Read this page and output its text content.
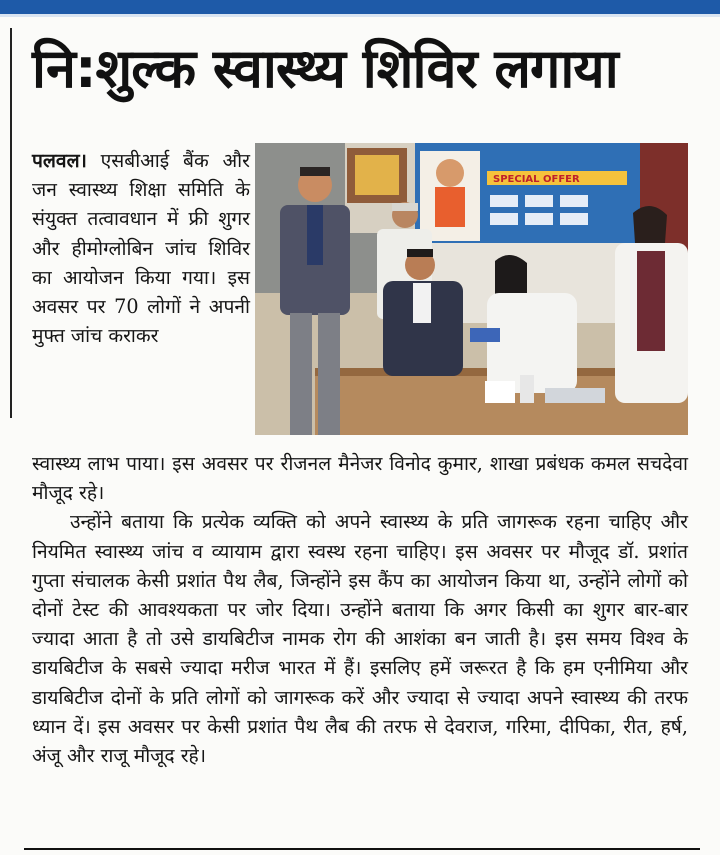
नि:शुल्क स्वास्थ्य शिविर लगाया
पलवल। एसबीआई बैंक और जन स्वास्थ्य शिक्षा समिति के संयुक्त तत्वावधान में फ्री शुगर और हीमोग्लोबिन जांच शिविर का आयोजन किया गया। इस अवसर पर 70 लोगों ने अपनी मुफ्त जांच कराकर
SPECIAL OFFER

स्वास्थ्य लाभ पाया। इस अवसर पर रीजनल मैनेजर विनोद कुमार, शाखा प्रबंधक कमल सचदेवा मौजूद रहे।

उन्होंने बताया कि प्रत्येक व्यक्ति को अपने स्वास्थ्य के प्रति जागरूक रहना चाहिए और नियमित स्वास्थ्य जांच व व्यायाम द्वारा स्वस्थ रहना चाहिए। इस अवसर पर मौजूद डॉ. प्रशांत गुप्ता संचालक केसी प्रशांत पैथ लैब, जिन्होंने इस कैंप का आयोजन किया था, उन्होंने लोगों को दोनों टेस्ट की आवश्यकता पर जोर दिया। उन्होंने बताया कि अगर किसी का शुगर बार-बार ज्यादा आता है तो उसे डायबिटीज नामक रोग की आशंका बन जाती है। इस समय विश्व के डायबिटीज के सबसे ज्यादा मरीज भारत में हैं। इसलिए हमें जरूरत है कि हम एनीमिया और डायबिटीज दोनों के प्रति लोगों को जागरूक करें और ज्यादा से ज्यादा अपने स्वास्थ्य की तरफ ध्यान दें। इस अवसर पर केसी प्रशांत पैथ लैब की तरफ से देवराज, गरिमा, दीपिका, रीत, हर्ष, अंजू और राजू मौजूद रहे।
